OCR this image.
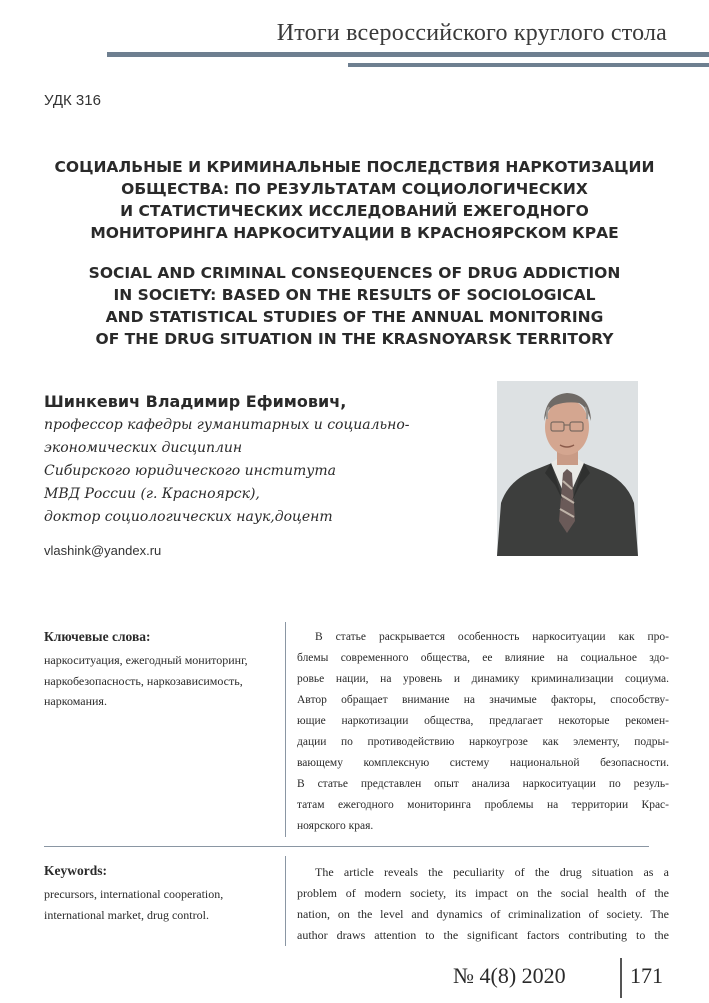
Итоги всероссийского круглого стола
УДК 316
СОЦИАЛЬНЫЕ И КРИМИНАЛЬНЫЕ ПОСЛЕДСТВИЯ НАРКОТИЗАЦИИ
ОБЩЕСТВА: ПО РЕЗУЛЬТАТАМ СОЦИОЛОГИЧЕСКИХ
И СТАТИСТИЧЕСКИХ ИССЛЕДОВАНИЙ ЕЖЕГОДНОГО
МОНИТОРИНГА НАРКОСИТУАЦИИ В КРАСНОЯРСКОМ КРАЕ
SOCIAL AND CRIMINAL CONSEQUENCES OF DRUG ADDICTION
IN SOCIETY: BASED ON THE RESULTS OF SOCIOLOGICAL
AND STATISTICAL STUDIES OF THE ANNUAL MONITORING
OF THE DRUG SITUATION IN THE KRASNOYARSK TERRITORY
Шинкевич Владимир Ефимович,
профессор кафедры гуманитарных и социально-
экономических дисциплин
Сибирского юридического института
МВД России (г. Красноярск),
доктор социологических наук,доцент
vlashink@yandex.ru
Ключевые слова:
наркоситуация, ежегодный мониторинг,
наркобезопасность, наркозависимость,
наркомания.
В статье раскрывается особенность наркоситуации как про-
блемы современного общества, ее влияние на социальное здо-
ровье нации, на уровень и динамику криминализации социума.
Автор обращает внимание на значимые факторы, способству-
ющие наркотизации общества, предлагает некоторые рекомен-
дации по противодействию наркоугрозе как элементу, подры-
вающему комплексную систему национальной безопасности.
В статье представлен опыт анализа наркоситуации по резуль-
татам ежегодного мониторинга проблемы на территории Крас-
ноярского края.
Keywords:
precursors, international cooperation,
international market, drug control.
The article reveals the peculiarity of the drug situation as a
problem of modern society, its impact on the social health of the
nation, on the level and dynamics of criminalization of society. The
author draws attention to the significant factors contributing to the
№ 4(8) 2020	171
